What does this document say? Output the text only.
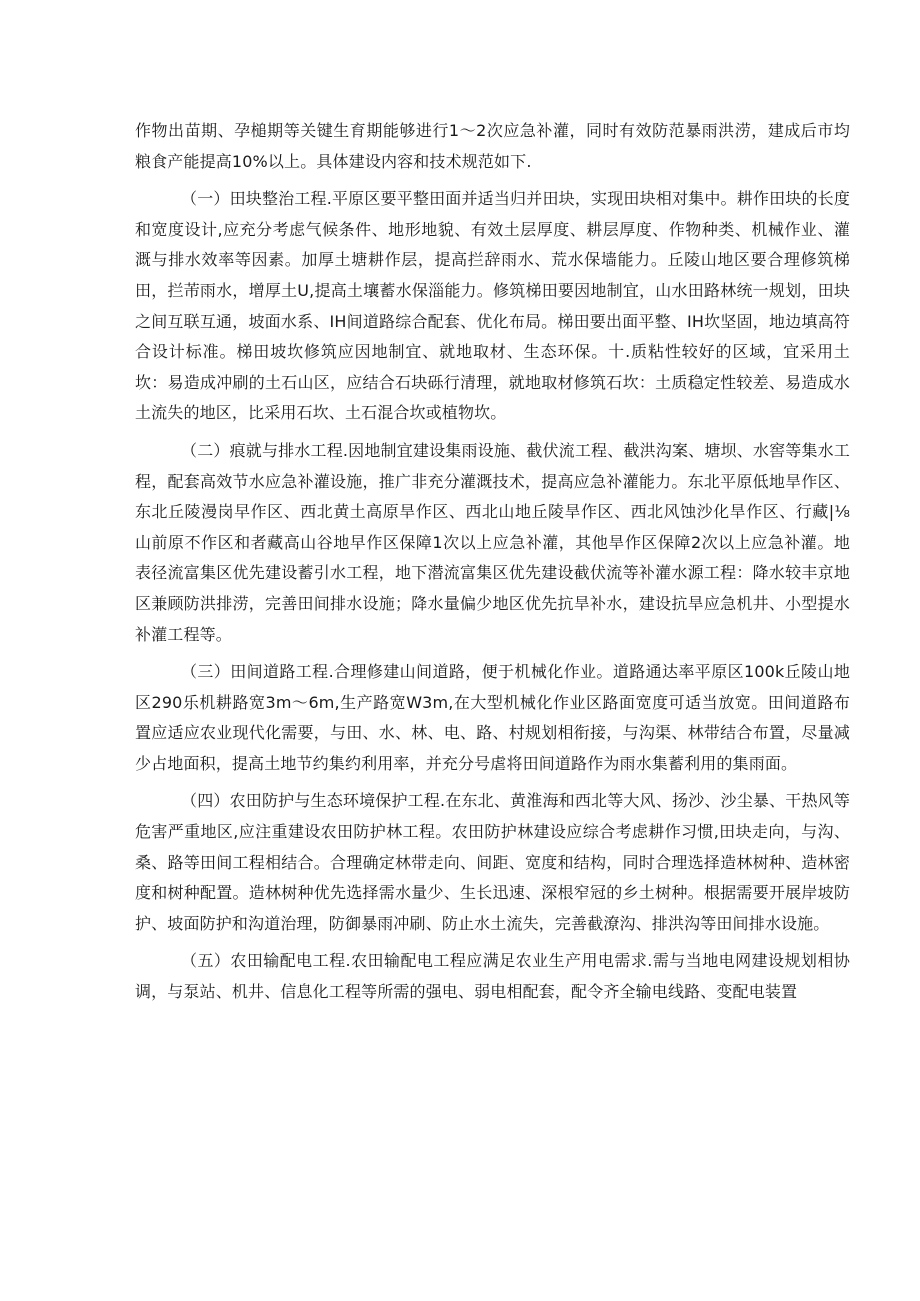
作物出苗期、孕槌期等关键生育期能够进行1～2次应急补灌，同时有效防范暴雨洪涝，建成后市均粮食产能提高10%以上。具体建设内容和技术规范如下.

（一）田块整治工程.平原区要平整田面并适当归并田块，实现田块相对集中。耕作田块的长度和宽度设计,应充分考虑气候条件、地形地貌、有效土层厚度、耕层厚度、作物种类、机械作业、灌溉与排水效率等因素。加厚土塘耕作层，提高拦辞雨水、荒水保墙能力。丘陵山地区要合理修筑梯田，拦芾雨水，增厚土U,提高土壤蓄水保淄能力。修筑梯田要因地制宜，山水田路林统一规划，田块之间互联互通，坡面水系、IH间道路综合配套、优化布局。梯田要出面平整、IH坎坚固，地边填高符合设计标准。梯田坡坎修筑应因地制宜、就地取材、生态环保。十.质粘性较好的区域，宜采用土坎：易造成冲刷的土石山区，应结合石块砾行清理，就地取材修筑石坎：土质稳定性较差、易造成水土流失的地区，比采用石坎、土石混合坎或植物坎。

（二）痕就与排水工程.因地制宜建设集雨设施、截伏流工程、截洪沟案、塘坝、水窖等集水工程，配套高效节水应急补灌设施，推广非充分灌溉技术，提高应急补灌能力。东北平原低地旱作区、东北丘陵漫岗早作区、西北黄土高原旱作区、西北山地丘陵旱作区、西北风蚀沙化旱作区、行藏|⅛山前原不作区和者藏高山谷地早作区保障1次以上应急补灌，其他旱作区保障2次以上应急补灌。地表径流富集区优先建设蓄引水工程，地下潜流富集区优先建设截伏流等补灌水源工程：降水较丰京地区兼顾防洪排涝，完善田间排水设施；降水量偏少地区优先抗旱补水，建设抗旱应急机井、小型提水补灌工程等。

（三）田间道路工程.合理修建山间道路，便于机械化作业。道路通达率平原区100k丘陵山地区290乐机耕路宽3m～6m,生产路宽W3m,在大型机械化作业区路面宽度可适当放宽。田间道路布置应适应农业现代化需要，与田、水、林、电、路、村规划相衔接，与沟渠、林带结合布置，尽量减少占地面积，提高土地节约集约利用率，并充分号虐将田间道路作为雨水集蓄利用的集雨面。

（四）农田防护与生态环境保护工程.在东北、黄淮海和西北等大风、扬沙、沙尘暴、干热风等危害严重地区,应注重建设农田防护林工程。农田防护林建设应综合考虑耕作习惯,田块走向，与沟、桑、路等田间工程相结合。合理确定林带走向、间距、宽度和结构，同时合理选择造林树种、造林密度和树种配置。造林树种优先选择需水量少、生长迅速、深根窄冠的乡土树种。根据需要开展岸坡防护、坡面防护和沟道治理，防御暴雨冲刷、防止水土流失，完善截潦沟、排洪沟等田间排水设施。

（五）农田输配电工程.农田输配电工程应满足农业生产用电需求.需与当地电网建设规划相协调，与泵站、机井、信息化工程等所需的强电、弱电相配套，配令齐全输电线路、变配电装置
